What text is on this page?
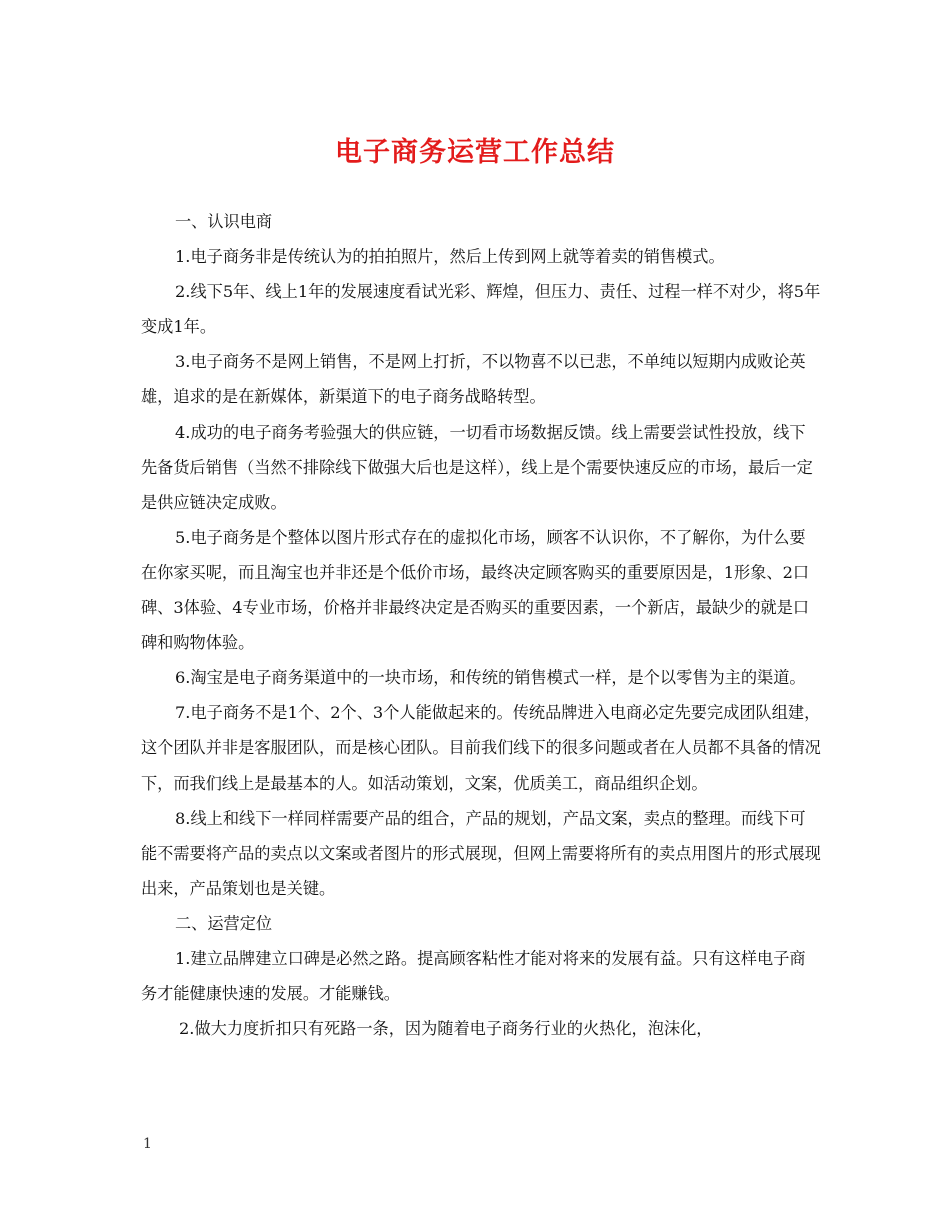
电子商务运营工作总结

一、认识电商

1.电子商务非是传统认为的拍拍照片，然后上传到网上就等着卖的销售模式。

2.线下5年、线上1年的发展速度看试光彩、辉煌，但压力、责任、过程一样不对少，将5年变成1年。

3.电子商务不是网上销售，不是网上打折，不以物喜不以已悲，不单纯以短期内成败论英雄，追求的是在新媒体，新渠道下的电子商务战略转型。

4.成功的电子商务考验强大的供应链，一切看市场数据反馈。线上需要尝试性投放，线下先备货后销售（当然不排除线下做强大后也是这样），线上是个需要快速反应的市场，最后一定是供应链决定成败。

5.电子商务是个整体以图片形式存在的虚拟化市场，顾客不认识你，不了解你，为什么要在你家买呢，而且淘宝也并非还是个低价市场，最终决定顾客购买的重要原因是，1形象、2口碑、3体验、4专业市场，价格并非最终决定是否购买的重要因素，一个新店，最缺少的就是口碑和购物体验。

6.淘宝是电子商务渠道中的一块市场，和传统的销售模式一样，是个以零售为主的渠道。

7.电子商务不是1个、2个、3个人能做起来的。传统品牌进入电商必定先要完成团队组建，这个团队并非是客服团队，而是核心团队。目前我们线下的很多问题或者在人员都不具备的情况下，而我们线上是最基本的人。如活动策划，文案，优质美工，商品组织企划。

8.线上和线下一样同样需要产品的组合，产品的规划，产品文案，卖点的整理。而线下可能不需要将产品的卖点以文案或者图片的形式展现，但网上需要将所有的卖点用图片的形式展现出来，产品策划也是关键。

二、运营定位

1.建立品牌建立口碑是必然之路。提高顾客粘性才能对将来的发展有益。只有这样电子商务才能健康快速的发展。才能赚钱。

2.做大力度折扣只有死路一条，因为随着电子商务行业的火热化，泡沫化，

1
